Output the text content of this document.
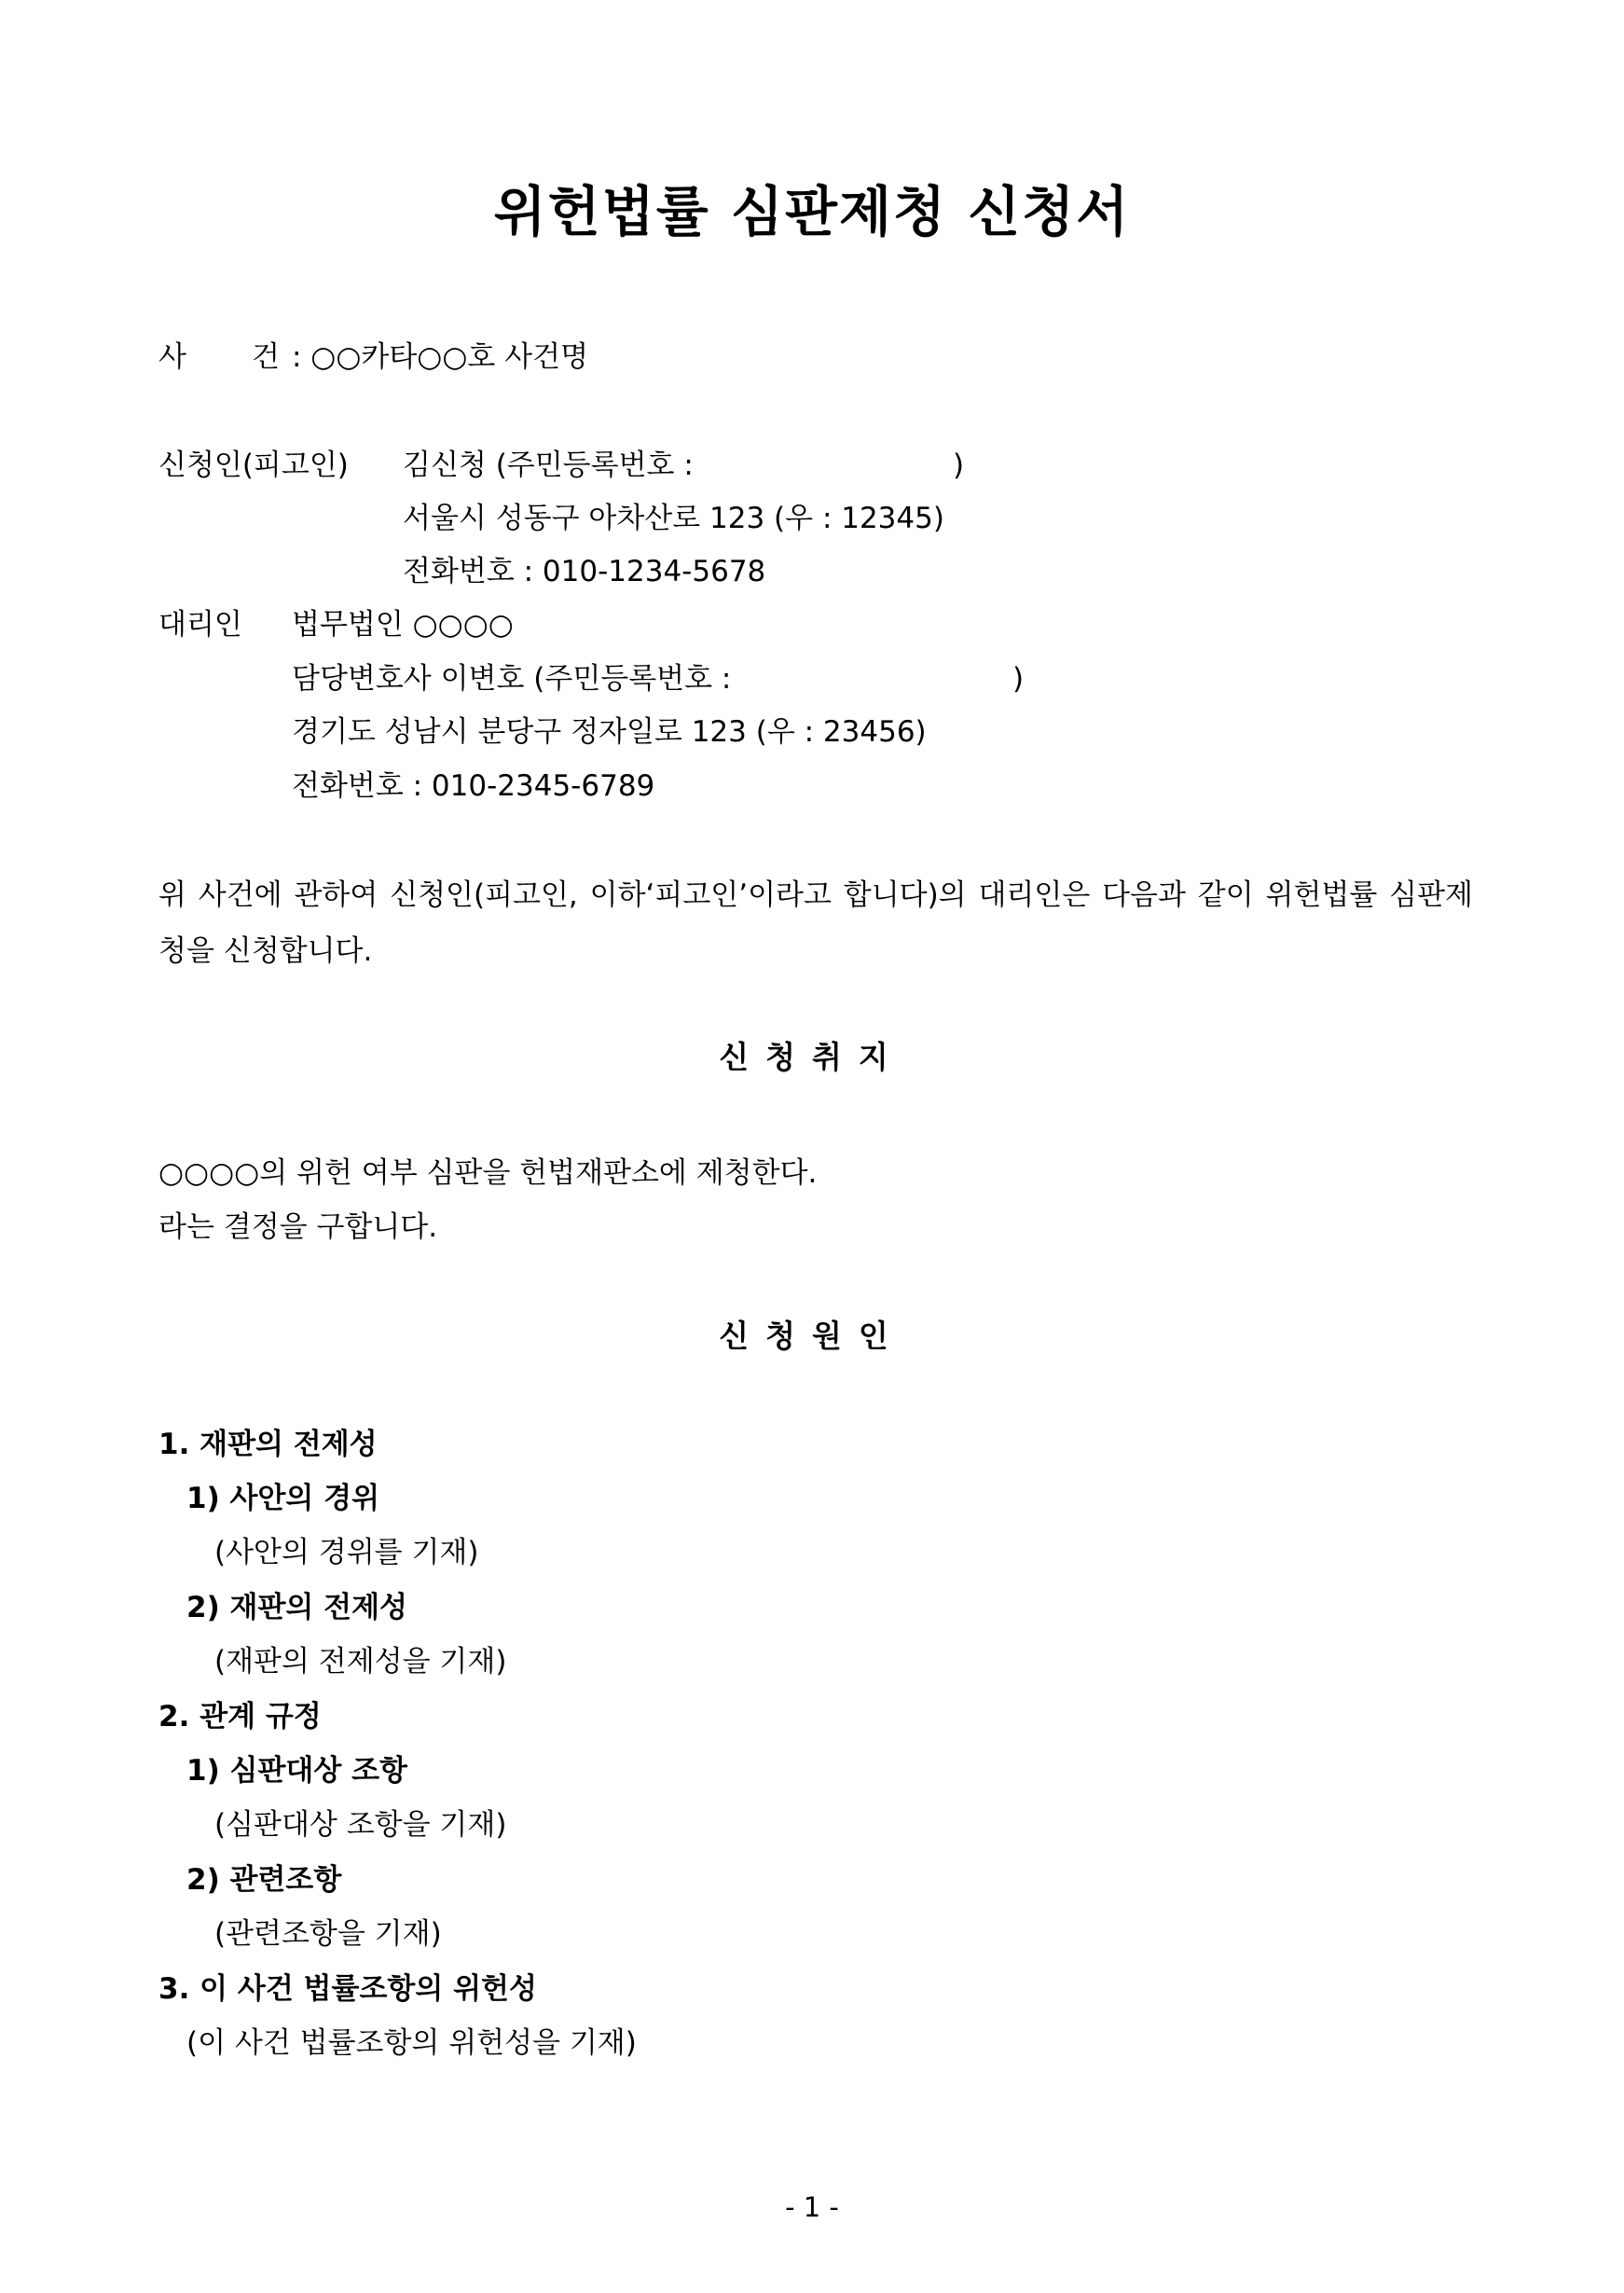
위헌법률 심판제청 신청서
사 건 : ○○카타○○호 사건명
신청인(피고인) 김신청 (주민등록번호 :	)
서울시 성동구 아차산로 123 (우 : 12345)
전화번호 : 010-1234-5678
대리인 법무법인 ○○○○
담당변호사 이변호 (주민등록번호 :	)
경기도 성남시 분당구 정자일로 123 (우 : 23456)
전화번호 : 010-2345-6789
위 사건에 관하여 신청인(피고인, 이하‘피고인’이라고 합니다)의 대리인은 다음과 같이 위헌법률 심판제청을 신청합니다.
신청취지
○○○○의 위헌 여부 심판을 헌법재판소에 제청한다.
라는 결정을 구합니다.
신청원인
1. 재판의 전제성
1) 사안의 경위
(사안의 경위를 기재)
2) 재판의 전제성
(재판의 전제성을 기재)
2. 관계 규정
1) 심판대상 조항
(심판대상 조항을 기재)
2) 관련조항
(관련조항을 기재)
3. 이 사건 법률조항의 위헌성
(이 사건 법률조항의 위헌성을 기재)
- 1 -
